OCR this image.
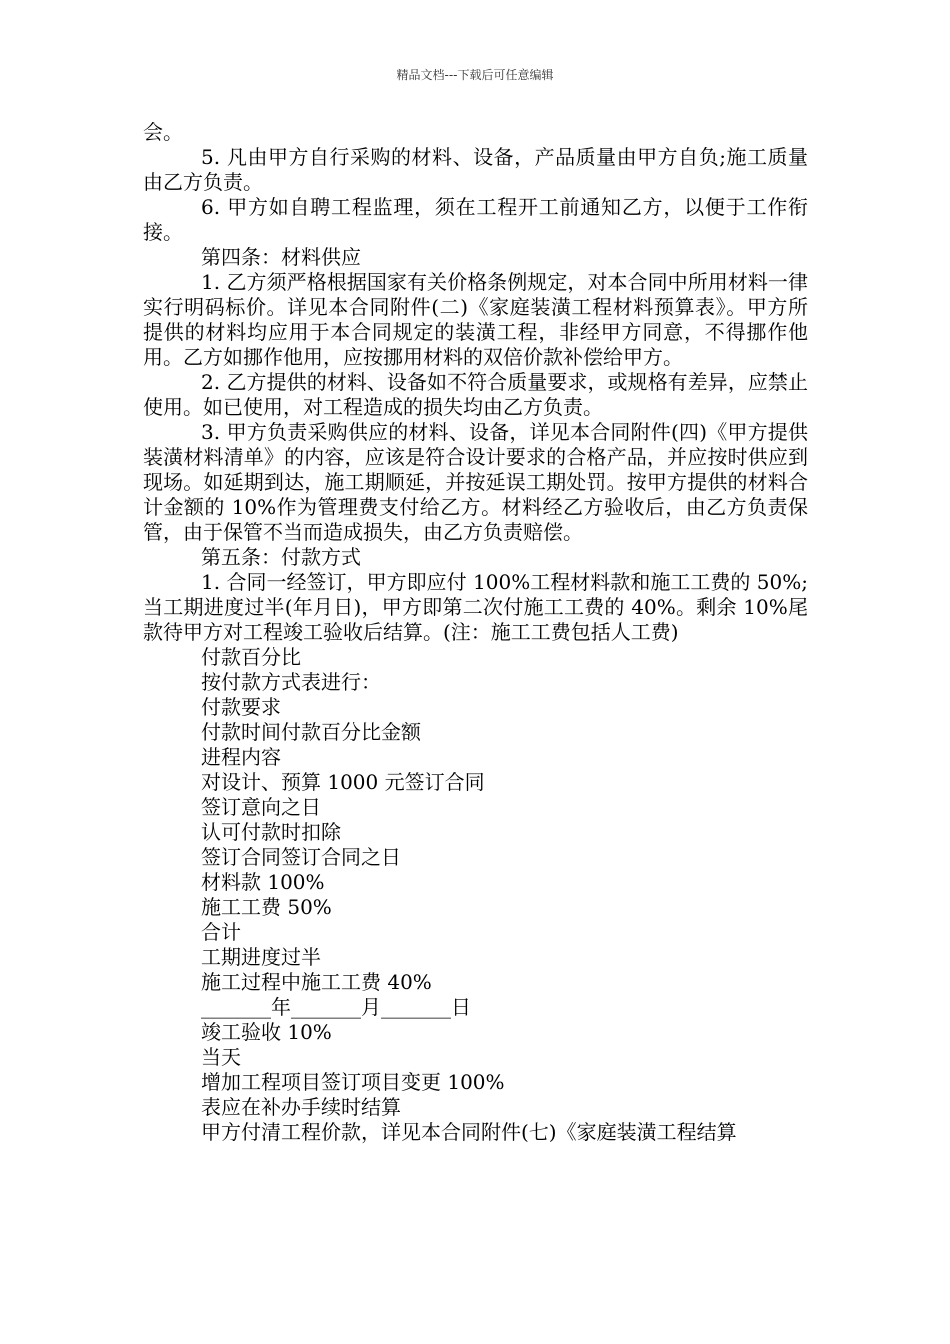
精品文档---下载后可任意编辑

会。

5. 凡由甲方自行采购的材料、设备，产品质量由甲方自负;施工质量由乙方负责。

6. 甲方如自聘工程监理，须在工程开工前通知乙方，以便于工作衔接。

第四条：材料供应

1. 乙方须严格根据国家有关价格条例规定，对本合同中所用材料一律实行明码标价。详见本合同附件(二)《家庭装潢工程材料预算表》。甲方所提供的材料均应用于本合同规定的装潢工程，非经甲方同意，不得挪作他用。乙方如挪作他用，应按挪用材料的双倍价款补偿给甲方。

2. 乙方提供的材料、设备如不符合质量要求，或规格有差异，应禁止使用。如已使用，对工程造成的损失均由乙方负责。

3. 甲方负责采购供应的材料、设备，详见本合同附件(四)《甲方提供装潢材料清单》的内容，应该是符合设计要求的合格产品，并应按时供应到现场。如延期到达，施工期顺延，并按延误工期处罚。按甲方提供的材料合计金额的 10%作为管理费支付给乙方。材料经乙方验收后，由乙方负责保管，由于保管不当而造成损失，由乙方负责赔偿。

第五条：付款方式

1. 合同一经签订，甲方即应付 100%工程材料款和施工工费的 50%;当工期进度过半(年月日)，甲方即第二次付施工工费的 40%。剩余 10%尾款待甲方对工程竣工验收后结算。(注：施工工费包括人工费)

付款百分比

按付款方式表进行：

付款要求

付款时间付款百分比金额

进程内容

对设计、预算 1000 元签订合同

签订意向之日

认可付款时扣除

签订合同签订合同之日

材料款 100%

施工工费 50%

合计

工期进度过半

施工过程中施工工费 40%

_______年_______月_______日

竣工验收 10%

当天

增加工程项目签订项目变更 100%

表应在补办手续时结算

甲方付清工程价款，详见本合同附件(七)《家庭装潢工程结算
